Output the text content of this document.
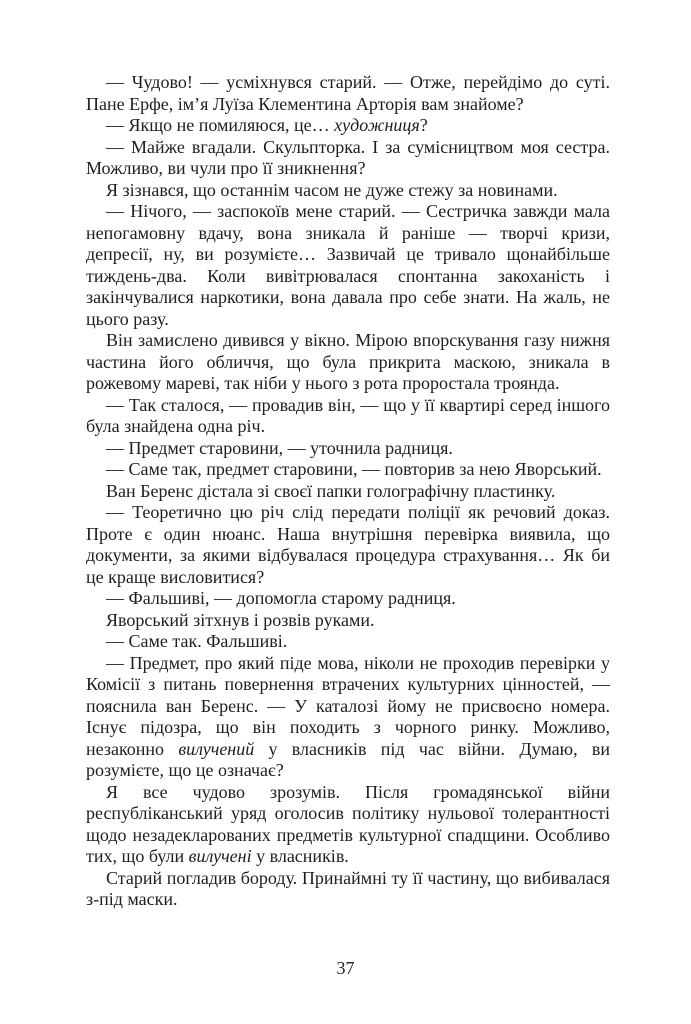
— Чудово! — усміхнувся старий. — Отже, перейдімо до суті. Пане Ерфе, ім’я Луїза Клементина Арторія вам знайоме?

— Якщо не помиляюся, це… художниця?

— Майже вгадали. Скульпторка. І за сумісництвом моя сестра. Можливо, ви чули про її зникнення?

Я зізнався, що останнім часом не дуже стежу за новинами.

— Нічого, — заспокоїв мене старий. — Сестричка завжди мала непогамовну вдачу, вона зникала й раніше — творчі кризи, депресії, ну, ви розумієте… Зазвичай це тривало щонайбільше тиждень-два. Коли вивітрювалася спонтанна закоханість і закінчувалися наркотики, вона давала про себе знати. На жаль, не цього разу.

Він замислено дивився у вікно. Мірою впорскування газу нижня частина його обличчя, що була прикрита маскою, зникала в рожевому мареві, так ніби у нього з рота проростала троянда.

— Так сталося, — провадив він, — що у її квартирі серед іншого була знайдена одна річ.

— Предмет старовини, — уточнила радниця.

— Саме так, предмет старовини, — повторив за нею Яворський.

Ван Беренс дістала зі своєї папки голографічну пластинку.

— Теоретично цю річ слід передати поліції як речовий доказ. Проте є один нюанс. Наша внутрішня перевірка виявила, що документи, за якими відбувалася процедура страхування… Як би це краще висловитися?

— Фальшиві, — допомогла старому радниця.

Яворський зітхнув і розвів руками.

— Саме так. Фальшиві.

— Предмет, про який піде мова, ніколи не проходив перевірки у Комісії з питань повернення втрачених культурних цінностей, — пояснила ван Беренс. — У каталозі йому не присвоєно номера. Існує підозра, що він походить з чорного ринку. Можливо, незаконно вилучений у власників під час війни. Думаю, ви розумієте, що це означає?

Я все чудово зрозумів. Після громадянської війни республіканський уряд оголосив політику нульової толерантності щодо незадекларованих предметів культурної спадщини. Особливо тих, що були вилучені у власників.

Старий погладив бороду. Принаймні ту її частину, що вибивалася з-під маски.

37
